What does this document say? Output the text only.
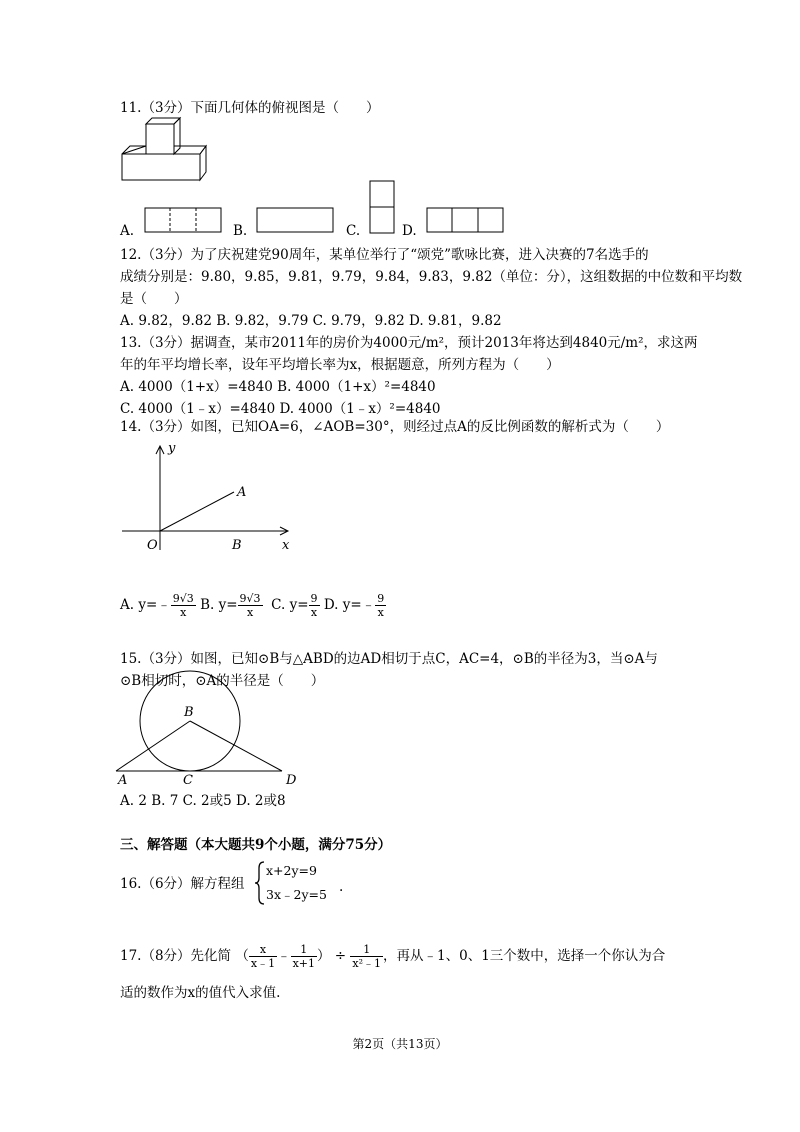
11.（3分）下面几何体的俯视图是（　　）
A.	B.	C.	D.
12.（3分）为了庆祝建党90周年，某单位举行了“颂党”歌咏比赛，进入决赛的7名选手的
成绩分别是：9.80，9.85，9.81，9.79，9.84，9.83，9.82（单位：分），这组数据的中位数和平均数
是（　　）
A. 9.82，9.82 B. 9.82，9.79 C. 9.79，9.82 D. 9.81，9.82
13.（3分）据调查，某市2011年的房价为4000元/m²，预计2013年将达到4840元/m²，求这两
年的年平均增长率，设年平均增长率为x，根据题意，所列方程为（　　）
A. 4000（1+x）=4840 B. 4000（1+x）²=4840
C. 4000（1﹣x）=4840 D. 4000（1﹣x）²=4840
14.（3分）如图，已知OA=6，∠AOB=30°，则经过点A的反比例函数的解析式为（　　）
y
x
O
A
B
A. y=﹣ $\frac{9√3}{x} B$. $y= \frac{9√3}{x} C$. $y= \frac{9}{x} D$. y=﹣ $\frac{9}{x}$
15.（3分）如图，已知⊙B与△ABD的边AD相切于点C，AC=4，⊙B的半径为3，当⊙A与
⊙B相切时，⊙A的半径是（　　）
B
A	C	D
A. 2 B. 7 C. 2或5 D. 2或8
三、解答题（本大题共9个小题，满分75分）
16.（6分）解方程组
x+2y=9
3x﹣2y=5 .
17.（8分）先化简 （ $\frac{x}{x﹣1}$ ﹣ $\frac{1}{x+1}$ ） ÷ $\frac{1}{\text{x²﹣1}}$ ，再从﹣1、0、1三个数中，选择一个你认为合
适的数作为x的值代入求值.
第2页（共13页）
